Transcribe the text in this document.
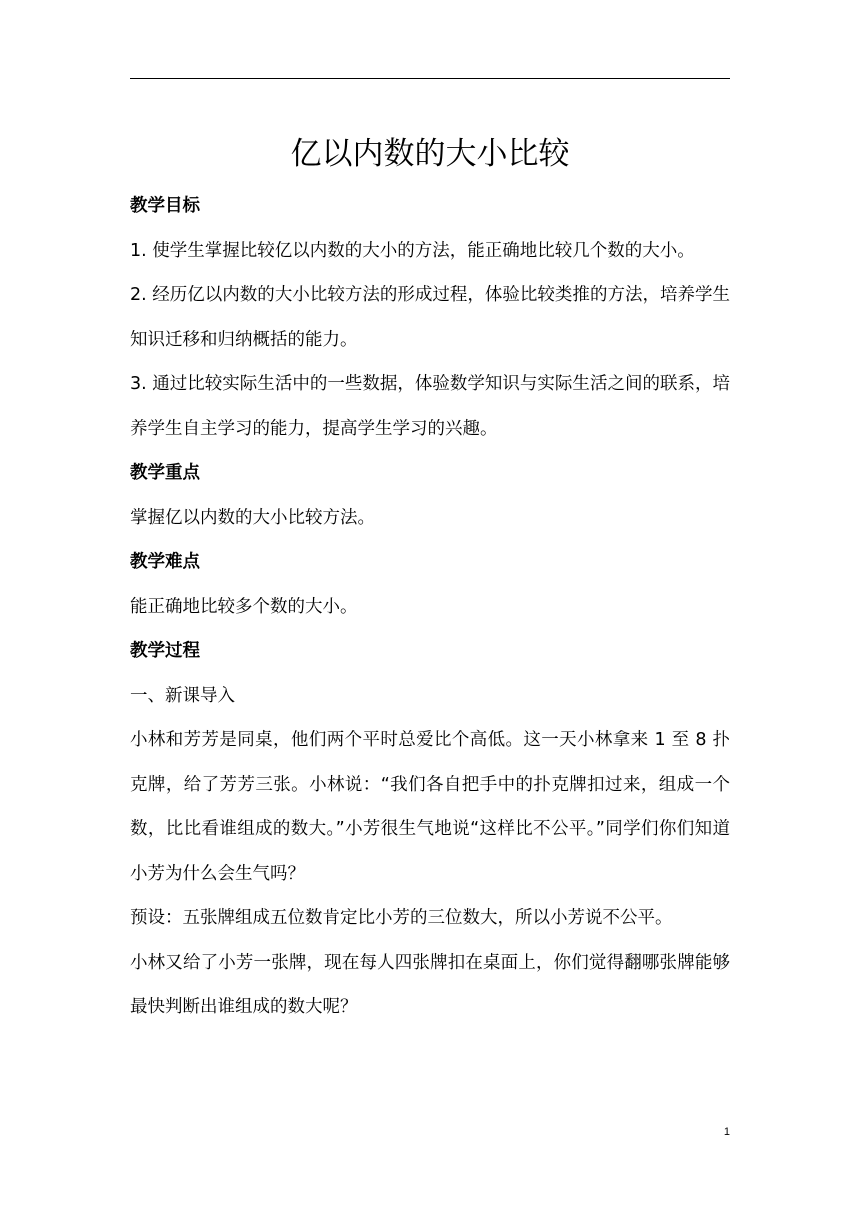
亿以内数的大小比较

教学目标

1. 使学生掌握比较亿以内数的大小的方法，能正确地比较几个数的大小。

2. 经历亿以内数的大小比较方法的形成过程，体验比较类推的方法，培养学生知识迁移和归纳概括的能力。

3. 通过比较实际生活中的一些数据，体验数学知识与实际生活之间的联系，培养学生自主学习的能力，提高学生学习的兴趣。

教学重点

掌握亿以内数的大小比较方法。

教学难点

能正确地比较多个数的大小。

教学过程

一、新课导入

小林和芳芳是同桌，他们两个平时总爱比个高低。这一天小林拿来 1 至 8 扑克牌，给了芳芳三张。小林说：“我们各自把手中的扑克牌扣过来，组成一个数，比比看谁组成的数大。”小芳很生气地说“这样比不公平。”同学们你们知道小芳为什么会生气吗？

预设：五张牌组成五位数肯定比小芳的三位数大，所以小芳说不公平。

小林又给了小芳一张牌，现在每人四张牌扣在桌面上，你们觉得翻哪张牌能够最快判断出谁组成的数大呢？

1
